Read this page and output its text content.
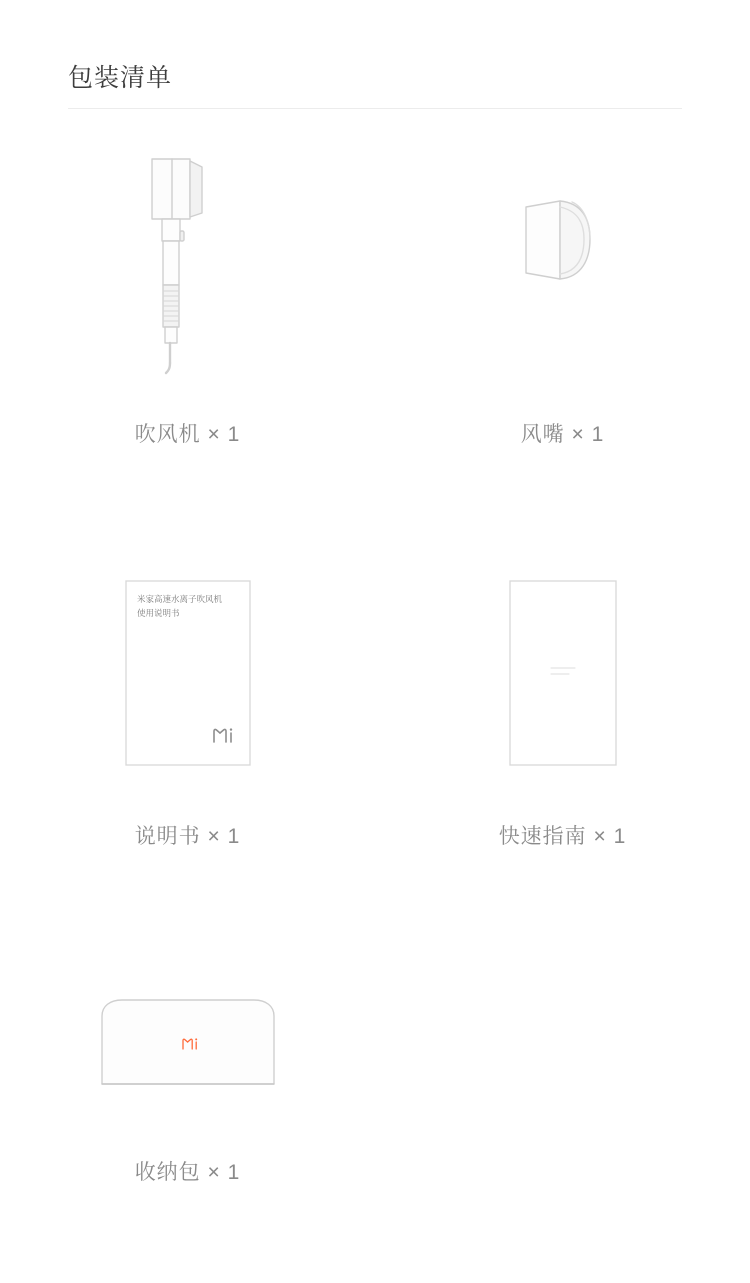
包装清单
吹风机 × 1	风嘴 × 1
米家高速水离子吹风机
使用说明书
说明书 × 1	快速指南 × 1
收纳包 × 1
